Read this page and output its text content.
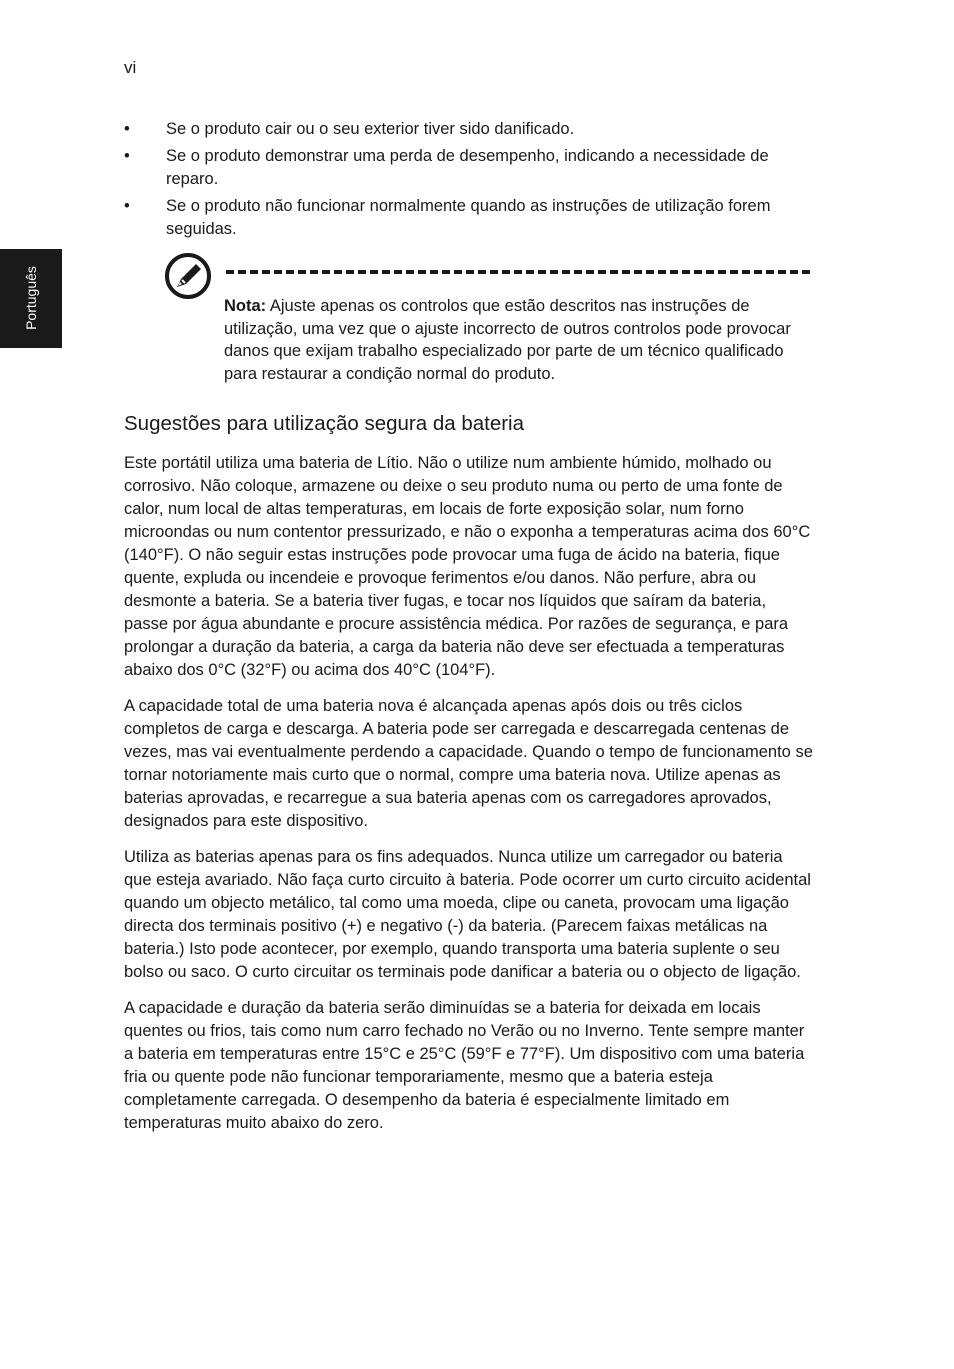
vi
Português
• Se o produto cair ou o seu exterior tiver sido danificado.
• Se o produto demonstrar uma perda de desempenho, indicando a necessidade de reparo.
• Se o produto não funcionar normalmente quando as instruções de utilização forem seguidas.
Nota: Ajuste apenas os controlos que estão descritos nas instruções de utilização, uma vez que o ajuste incorrecto de outros controlos pode provocar danos que exijam trabalho especializado por parte de um técnico qualificado para restaurar a condição normal do produto.
Sugestões para utilização segura da bateria

Este portátil utiliza uma bateria de Lítio. Não o utilize num ambiente húmido, molhado ou corrosivo. Não coloque, armazene ou deixe o seu produto numa ou perto de uma fonte de calor, num local de altas temperaturas, em locais de forte exposição solar, num forno microondas ou num contentor pressurizado, e não o exponha a temperaturas acima dos 60°C (140°F). O não seguir estas instruções pode provocar uma fuga de ácido na bateria, fique quente, expluda ou incendeie e provoque ferimentos e/ou danos. Não perfure, abra ou desmonte a bateria. Se a bateria tiver fugas, e tocar nos líquidos que saíram da bateria, passe por água abundante e procure assistência médica. Por razões de segurança, e para prolongar a duração da bateria, a carga da bateria não deve ser efectuada a temperaturas abaixo dos 0°C (32°F) ou acima dos 40°C (104°F).

A capacidade total de uma bateria nova é alcançada apenas após dois ou três ciclos completos de carga e descarga. A bateria pode ser carregada e descarregada centenas de vezes, mas vai eventualmente perdendo a capacidade. Quando o tempo de funcionamento se tornar notoriamente mais curto que o normal, compre uma bateria nova. Utilize apenas as baterias aprovadas, e recarregue a sua bateria apenas com os carregadores aprovados, designados para este dispositivo.

Utiliza as baterias apenas para os fins adequados. Nunca utilize um carregador ou bateria que esteja avariado. Não faça curto circuito à bateria. Pode ocorrer um curto circuito acidental quando um objecto metálico, tal como uma moeda, clipe ou caneta, provocam uma ligação directa dos terminais positivo (+) e negativo (-) da bateria. (Parecem faixas metálicas na bateria.) Isto pode acontecer, por exemplo, quando transporta uma bateria suplente o seu bolso ou saco. O curto circuitar os terminais pode danificar a bateria ou o objecto de ligação.

A capacidade e duração da bateria serão diminuídas se a bateria for deixada em locais quentes ou frios, tais como num carro fechado no Verão ou no Inverno. Tente sempre manter a bateria em temperaturas entre 15°C e 25°C (59°F e 77°F). Um dispositivo com uma bateria fria ou quente pode não funcionar temporariamente, mesmo que a bateria esteja completamente carregada. O desempenho da bateria é especialmente limitado em temperaturas muito abaixo do zero.
